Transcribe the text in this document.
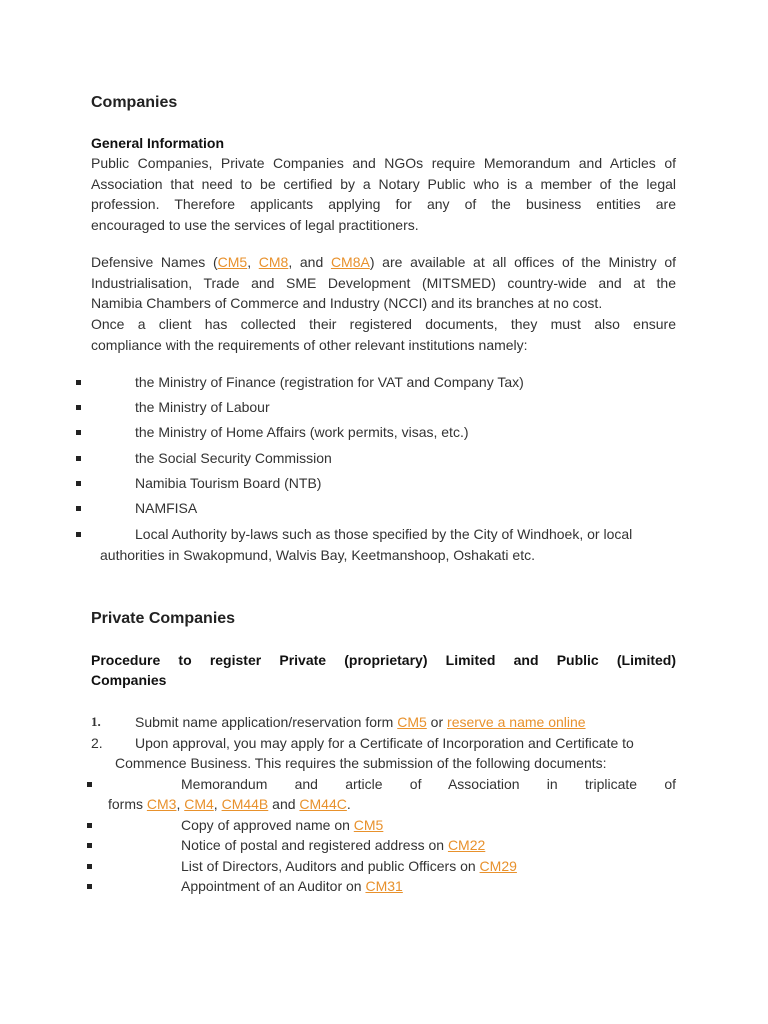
Companies
General Information
Public Companies, Private Companies and NGOs require Memorandum and Articles of
Association that need to be certified by a Notary Public who is a member of the legal
profession. Therefore applicants applying for any of the business entities are
encouraged to use the services of legal practitioners.
Defensive Names (CM5, CM8, and CM8A) are available at all offices of the Ministry of
Industrialisation, Trade and SME Development (MITSMED) country-wide and at the
Namibia Chambers of Commerce and Industry (NCCI) and its branches at no cost.
Once a client has collected their registered documents, they must also ensure
compliance with the requirements of other relevant institutions namely:
the Ministry of Finance (registration for VAT and Company Tax)
the Ministry of Labour
the Ministry of Home Affairs (work permits, visas, etc.)
the Social Security Commission
Namibia Tourism Board (NTB)
NAMFISA
Local Authority by-laws such as those specified by the City of Windhoek, or local
authorities in Swakopmund, Walvis Bay, Keetmanshoop, Oshakati etc.
Private Companies
Procedure to register Private (proprietary) Limited and Public (Limited)
Companies
1. Submit name application/reservation form CM5 or reserve a name online
2. Upon approval, you may apply for a Certificate of Incorporation and Certificate to
Commence Business. This requires the submission of the following documents:
Memorandum and article of Association in triplicate of
forms CM3, CM4, CM44B and CM44C.
Copy of approved name on CM5
Notice of postal and registered address on CM22
List of Directors, Auditors and public Officers on CM29
Appointment of an Auditor on CM31
